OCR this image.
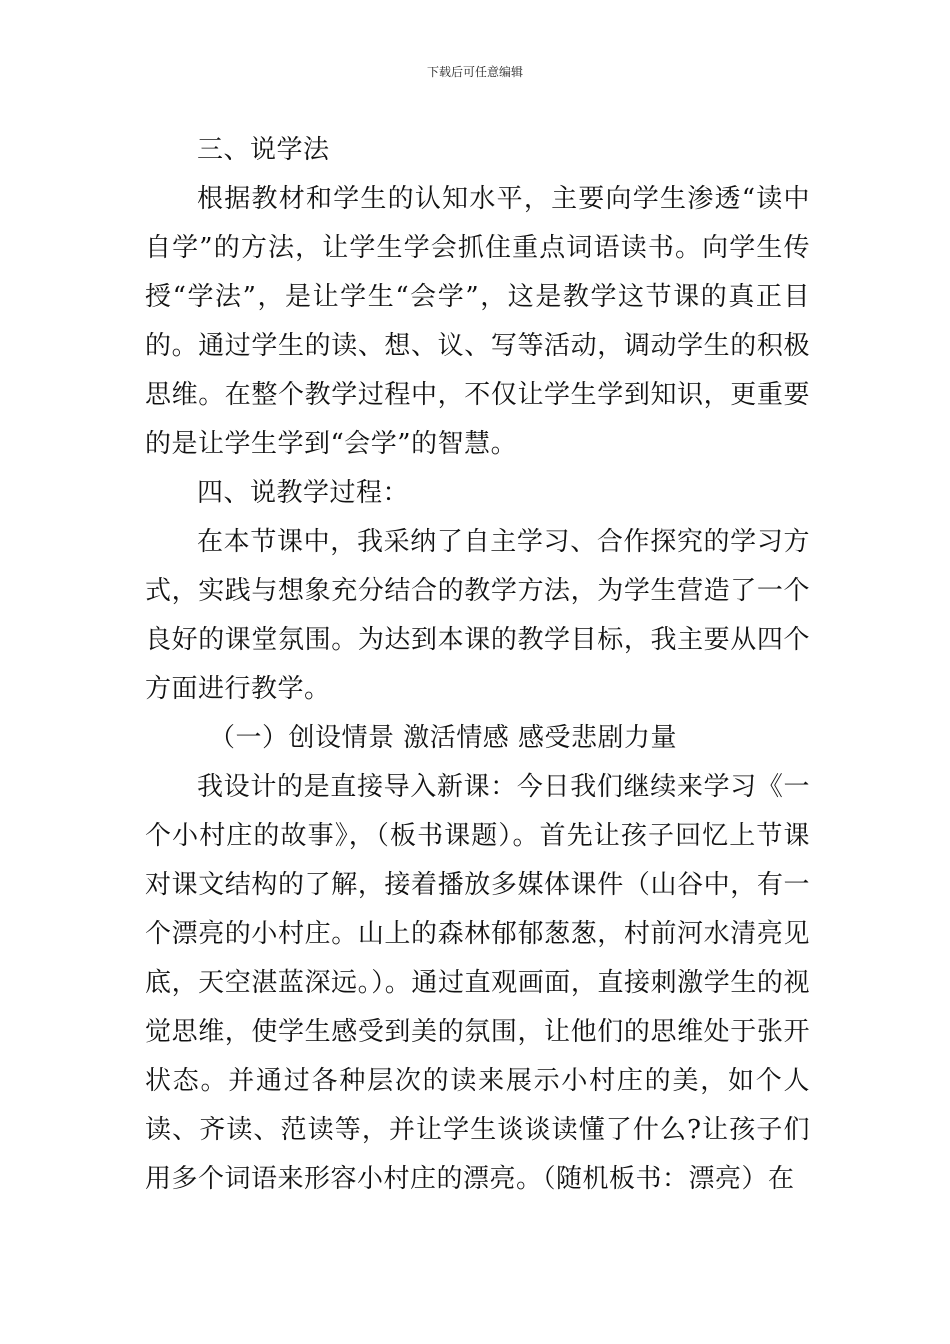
下载后可任意编辑

三、说学法

根据教材和学生的认知水平，主要向学生渗透“读中自学”的方法，让学生学会抓住重点词语读书。向学生传授“学法”，是让学生“会学”，这是教学这节课的真正目的。通过学生的读、想、议、写等活动，调动学生的积极思维。在整个教学过程中，不仅让学生学到知识，更重要的是让学生学到“会学”的智慧。

四、说教学过程：

在本节课中，我采纳了自主学习、合作探究的学习方式，实践与想象充分结合的教学方法，为学生营造了一个良好的课堂氛围。为达到本课的教学目标，我主要从四个方面进行教学。

（一）创设情景 激活情感 感受悲剧力量

我设计的是直接导入新课：今日我们继续来学习《一个小村庄的故事》，（板书课题）。首先让孩子回忆上节课对课文结构的了解，接着播放多媒体课件（山谷中，有一个漂亮的小村庄。山上的森林郁郁葱葱，村前河水清亮见底，天空湛蓝深远。）。通过直观画面，直接刺激学生的视觉思维，使学生感受到美的氛围，让他们的思维处于张开状态。并通过各种层次的读来展示小村庄的美，如个人读、齐读、范读等，并让学生谈谈读懂了什么?让孩子们用多个词语来形容小村庄的漂亮。（随机板书：漂亮）在
